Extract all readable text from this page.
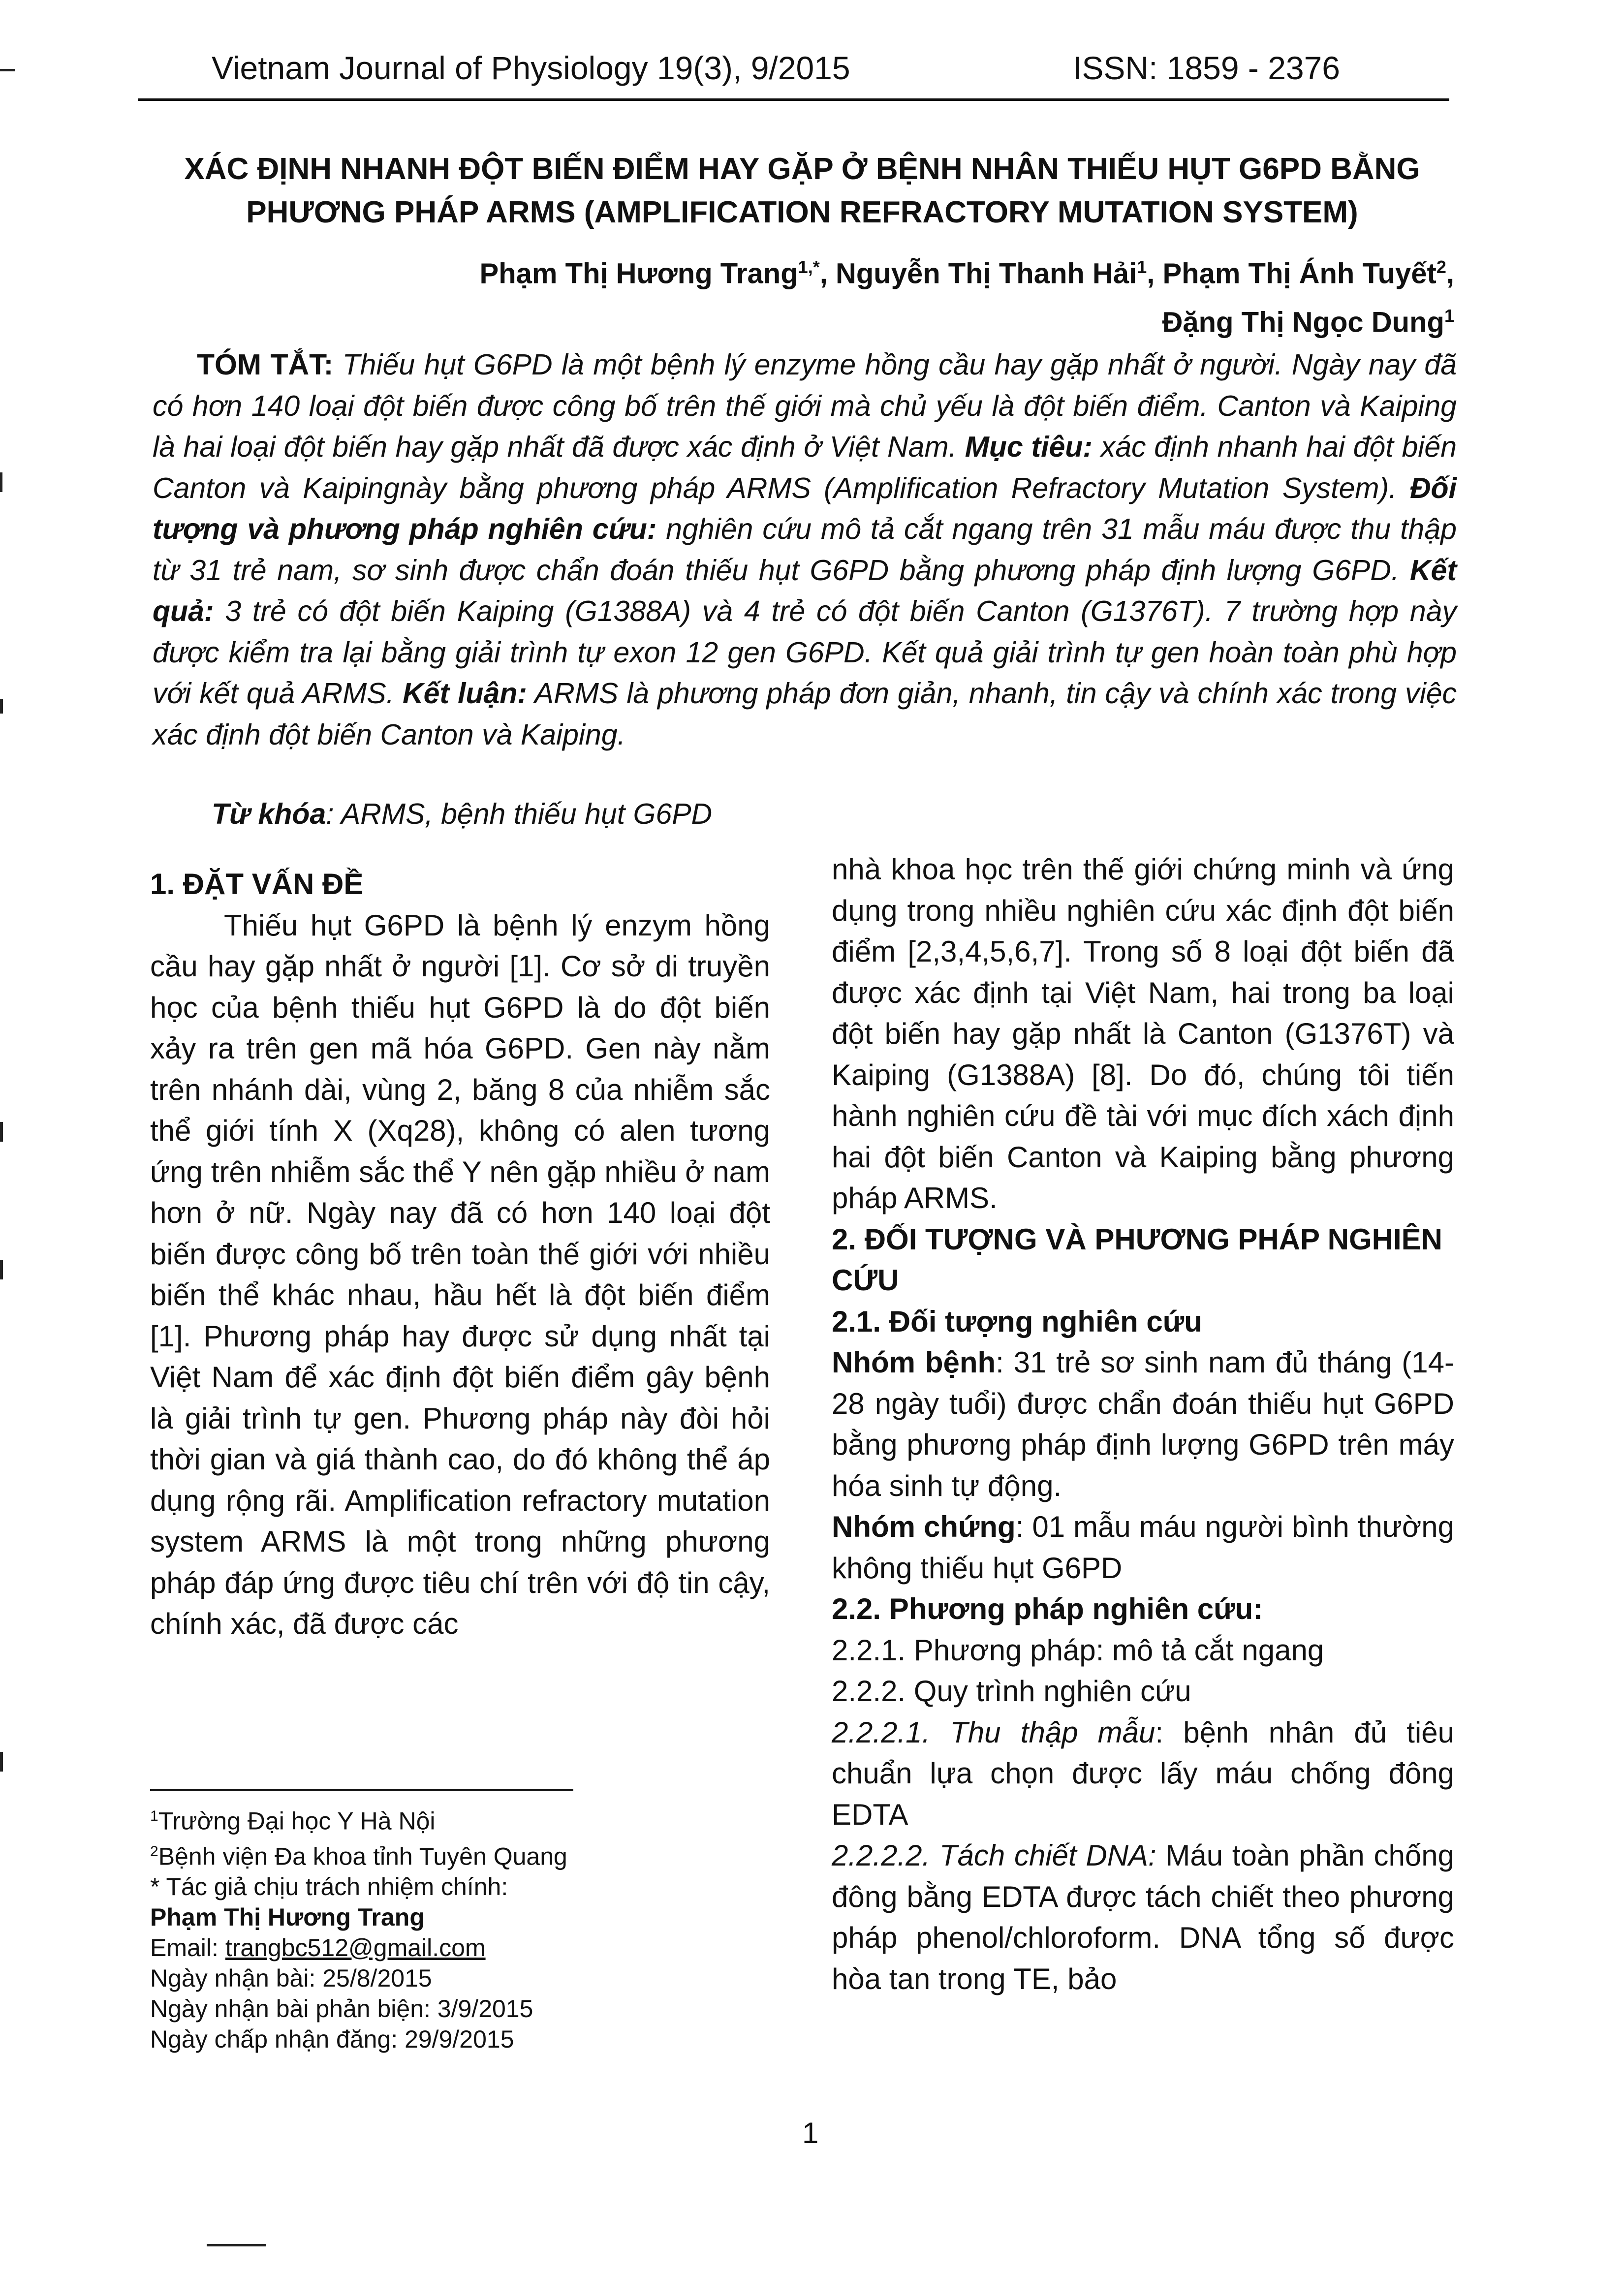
Vietnam Journal of Physiology 19(3), 9/2015	ISSN: 1859 - 2376
XÁC ĐỊNH NHANH ĐỘT BIẾN ĐIỂM HAY GẶP Ở BỆNH NHÂN THIẾU HỤT G6PD BẰNG
PHƯƠNG PHÁP ARMS (AMPLIFICATION REFRACTORY MUTATION SYSTEM)
Phạm Thị Hương Trang$^{1,*}$, Nguyễn Thị Thanh Hải$^1$, Phạm Thị Ánh Tuyết$^2$,
Đặng Thị Ngọc Dung$^1$
TÓM TẮT: Thiếu hụt G6PD là một bệnh lý enzyme hồng cầu hay gặp nhất ở người. Ngày nay đã có hơn 140 loại đột biến được công bố trên thế giới mà chủ yếu là đột biến điểm. Canton và Kaiping là hai loại đột biến hay gặp nhất đã được xác định ở Việt Nam. Mục tiêu: xác định nhanh hai đột biến Canton và Kaipingnày bằng phương pháp ARMS (Amplification Refractory Mutation System). Đối tượng và phương pháp nghiên cứu: nghiên cứu mô tả cắt ngang trên 31 mẫu máu được thu thập từ 31 trẻ nam, sơ sinh được chẩn đoán thiếu hụt G6PD bằng phương pháp định lượng G6PD. Kết quả: 3 trẻ có đột biến Kaiping (G1388A) và 4 trẻ có đột biến Canton (G1376T). 7 trường hợp này được kiểm tra lại bằng giải trình tự exon 12 gen G6PD. Kết quả giải trình tự gen hoàn toàn phù hợp với kết quả ARMS. Kết luận: ARMS là phương pháp đơn giản, nhanh, tin cậy và chính xác trong việc xác định đột biến Canton và Kaiping.
Từ khóa: ARMS, bệnh thiếu hụt G6PD

1. ĐẶT VẤN ĐỀ

Thiếu hụt G6PD là bệnh lý enzym hồng cầu hay gặp nhất ở người [1]. Cơ sở di truyền học của bệnh thiếu hụt G6PD là do đột biến xảy ra trên gen mã hóa G6PD. Gen này nằm trên nhánh dài, vùng 2, băng 8 của nhiễm sắc thể giới tính X (Xq28), không có alen tương ứng trên nhiễm sắc thể Y nên gặp nhiều ở nam hơn ở nữ. Ngày nay đã có hơn 140 loại đột biến được công bố trên toàn thế giới với nhiều biến thể khác nhau, hầu hết là đột biến điểm [1]. Phương pháp hay được sử dụng nhất tại Việt Nam để xác định đột biến điểm gây bệnh là giải trình tự gen. Phương pháp này đòi hỏi thời gian và giá thành cao, do đó không thể áp dụng rộng rãi. Amplification refractory mutation system ARMS là một trong những phương pháp đáp ứng được tiêu chí trên với độ tin cậy, chính xác, đã được các

nhà khoa học trên thế giới chứng minh và ứng dụng trong nhiều nghiên cứu xác định đột biến điểm [2,3,4,5,6,7]. Trong số 8 loại đột biến đã được xác định tại Việt Nam, hai trong ba loại đột biến hay gặp nhất là Canton (G1376T) và Kaiping (G1388A) [8]. Do đó, chúng tôi tiến hành nghiên cứu đề tài với mục đích xách định hai đột biến Canton và Kaiping bằng phương pháp ARMS.

2. ĐỐI TƯỢNG VÀ PHƯƠNG PHÁP NGHIÊN CỨU

2.1. Đối tượng nghiên cứu

Nhóm bệnh: 31 trẻ sơ sinh nam đủ tháng (14-28 ngày tuổi) được chẩn đoán thiếu hụt G6PD bằng phương pháp định lượng G6PD trên máy hóa sinh tự động.

Nhóm chứng: 01 mẫu máu người bình thường không thiếu hụt G6PD

2.2. Phương pháp nghiên cứu:

2.2.1. Phương pháp: mô tả cắt ngang

2.2.2. Quy trình nghiên cứu

2.2.2.1. Thu thập mẫu: bệnh nhân đủ tiêu chuẩn lựa chọn được lấy máu chống đông EDTA

2.2.2.2. Tách chiết DNA: Máu toàn phần chống đông bằng EDTA được tách chiết theo phương pháp phenol/chloroform. DNA tổng số được hòa tan trong TE, bảo

$^1$Trường Đại học Y Hà Nội
$^2$Bệnh viện Đa khoa tỉnh Tuyên Quang
* Tác giả chịu trách nhiệm chính:
Phạm Thị Hương Trang
Email: trangbc512@gmail.com
Ngày nhận bài: 25/8/2015
Ngày nhận bài phản biện: 3/9/2015
Ngày chấp nhận đăng: 29/9/2015
1
